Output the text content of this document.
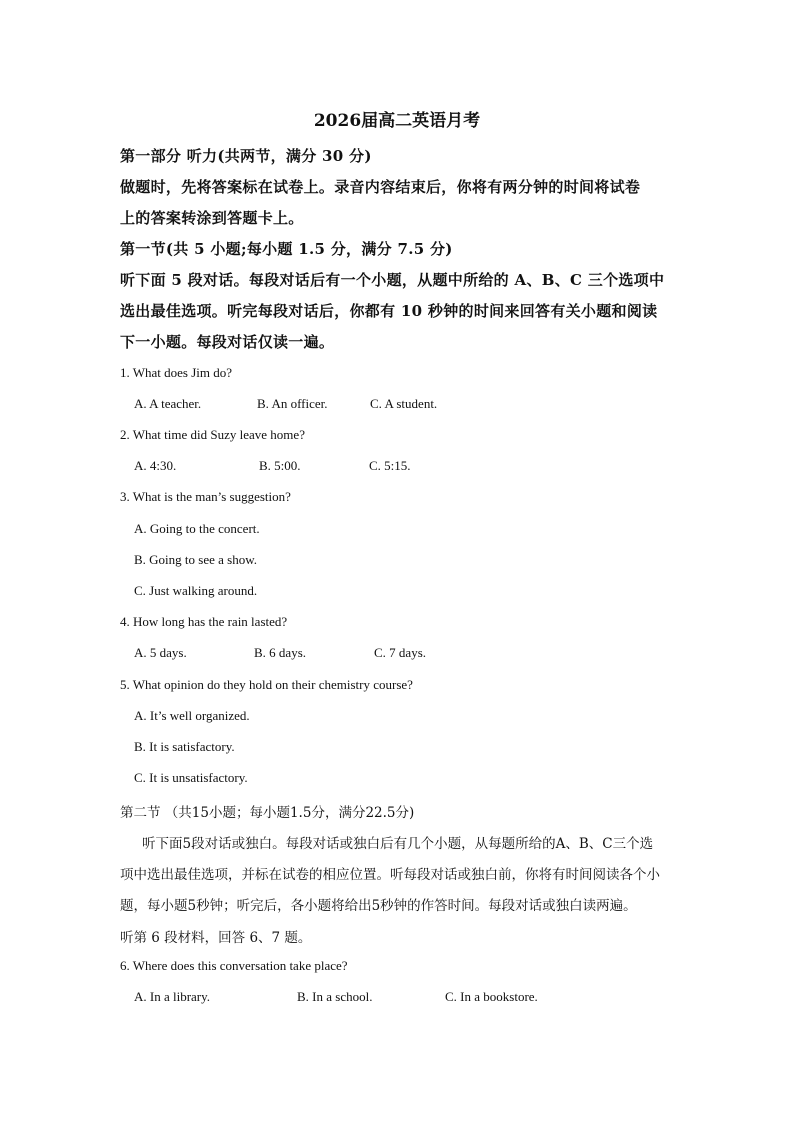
2026届高二英语月考
第一部分 听力(共两节，满分 30 分)
做题时，先将答案标在试卷上。录音内容结束后，你将有两分钟的时间将试卷
上的答案转涂到答题卡上。
第一节(共 5 小题;每小题 1.5 分，满分 7.5 分)
听下面 5 段对话。每段对话后有一个小题，从题中所给的 A、B、C 三个选项中
选出最佳选项。听完每段对话后，你都有 10 秒钟的时间来回答有关小题和阅读
下一小题。每段对话仅读一遍。
1. What does Jim do?
A. A teacher.	B. An officer.	C. A student.
2. What time did Suzy leave home?
A. 4:30.	B. 5:00.	C. 5:15.
3. What is the man’s suggestion?
A. Going to the concert.
B. Going to see a show.
C. Just walking around.
4. How long has the rain lasted?
A. 5 days.	B. 6 days.	C. 7 days.
5. What opinion do they hold on their chemistry course?
A. It’s well organized.
B. It is satisfactory.
C. It is unsatisfactory.
第二节 （共15小题；每小题1.5分，满分22.5分)
听下面5段对话或独白。每段对话或独白后有几个小题，从每题所给的A、B、C三个选
项中选出最佳选项，并标在试卷的相应位置。听每段对话或独白前，你将有时间阅读各个小
题，每小题5秒钟；听完后，各小题将给出5秒钟的作答时间。每段对话或独白读两遍。
听第 6 段材料，回答 6、7 题。
6. Where does this conversation take place?
A. In a library.	B. In a school.	C. In a bookstore.
